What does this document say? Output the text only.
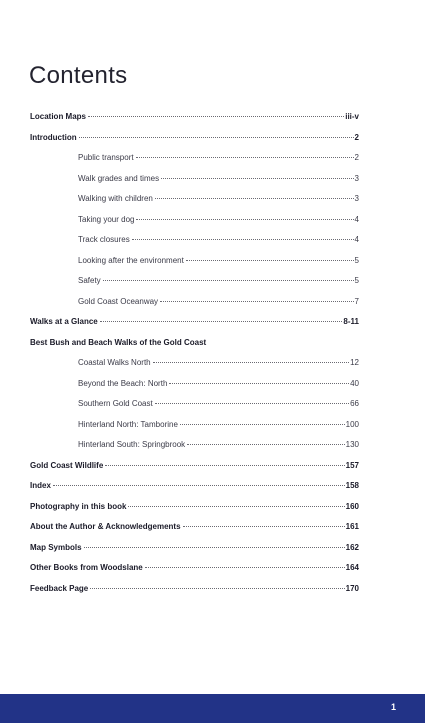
Contents
Location Maps	iii-v
Introduction	2
Public transport	2
Walk grades and times	3
Walking with children	3
Taking your dog	4
Track closures	4
Looking after the environment	5
Safety	5
Gold Coast Oceanway	7
Walks at a Glance	8-11
Best Bush and Beach Walks of the Gold Coast
Coastal Walks North	12
Beyond the Beach: North	40
Southern Gold Coast	66
Hinterland North: Tamborine	100
Hinterland South: Springbrook	130
Gold Coast Wildlife	157
Index	158
Photography in this book	160
About the Author & Acknowledgements	161
Map Symbols	162
Other Books from Woodslane	164
Feedback Page	170
1
